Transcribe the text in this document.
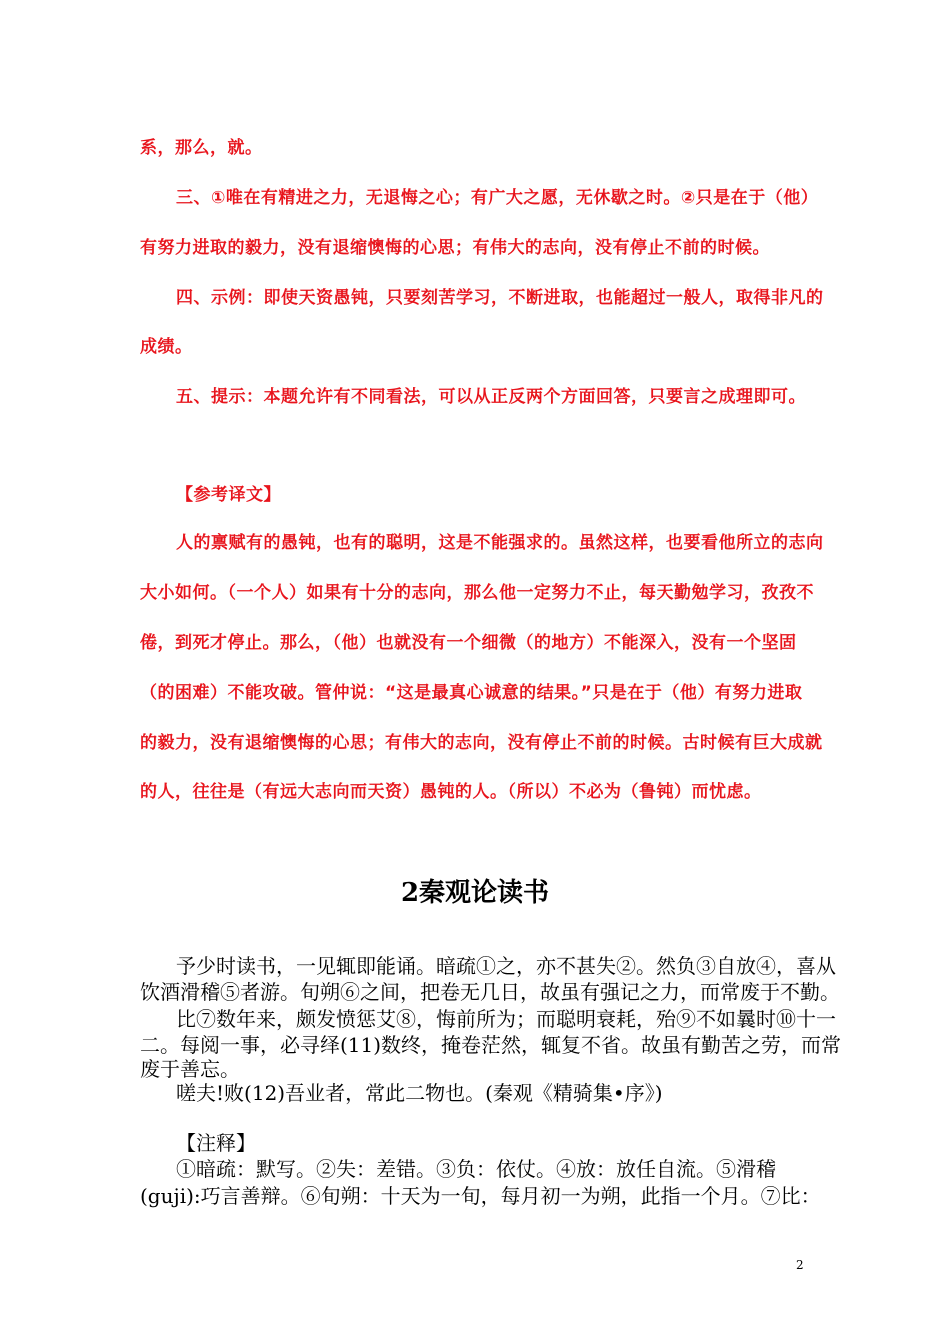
系，那么，就。

三、①唯在有精进之力，无退悔之心；有广大之愿，无休歇之时。②只是在于（他）

有努力进取的毅力，没有退缩懊悔的心思；有伟大的志向，没有停止不前的时候。

四、示例：即使天资愚钝，只要刻苦学习，不断进取，也能超过一般人，取得非凡的

成绩。

五、提示：本题允许有不同看法，可以从正反两个方面回答，只要言之成理即可。

【参考译文】

人的禀赋有的愚钝，也有的聪明，这是不能强求的。虽然这样，也要看他所立的志向

大小如何。（一个人）如果有十分的志向，那么他一定努力不止，每天勤勉学习，孜孜不

倦，到死才停止。那么，（他）也就没有一个细微（的地方）不能深入，没有一个坚固

（的困难）不能攻破。管仲说：“这是最真心诚意的结果。”只是在于（他）有努力进取

的毅力，没有退缩懊悔的心思；有伟大的志向，没有停止不前的时候。古时候有巨大成就

的人，往往是（有远大志向而天资）愚钝的人。（所以）不必为（鲁钝）而忧虑。

2秦观论读书

予少时读书，一见辄即能诵。暗疏①之，亦不甚失②。然负③自放④，喜从

饮酒滑稽⑤者游。旬朔⑥之间，把卷无几日，故虽有强记之力，而常废于不勤。

比⑦数年来，颇发愤惩艾⑧，悔前所为；而聪明衰耗，殆⑨不如曩时⑩十一

二。每阅一事，必寻绎(11)数终，掩卷茫然，辄复不省。故虽有勤苦之劳，而常

废于善忘。

嗟夫!败(12)吾业者，常此二物也。(秦观《精骑集•序》)

【注释】

①暗疏：默写。②失：差错。③负：依仗。④放：放任自流。⑤滑稽

(guji):巧言善辩。⑥旬朔：十天为一旬，每月初一为朔，此指一个月。⑦比：

2
